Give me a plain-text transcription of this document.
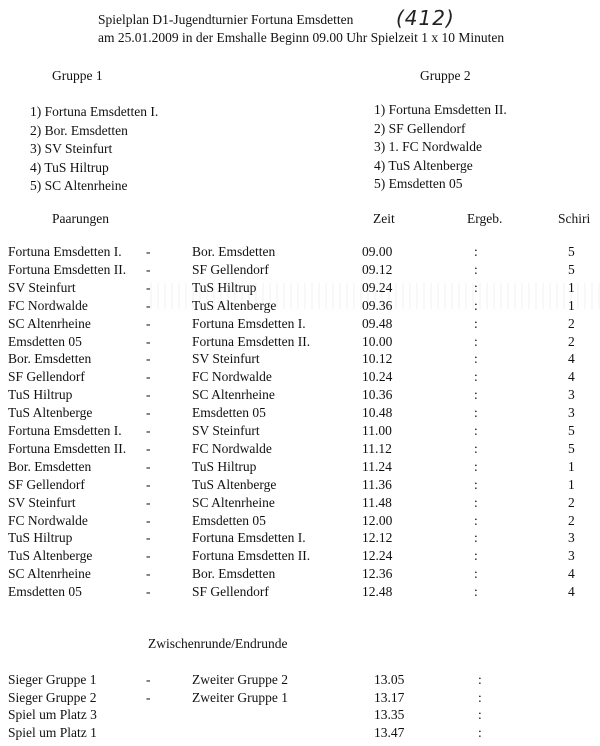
Spielplan D1-Jugendturnier Fortuna Emsdetten (412)
am 25.01.2009 in der Emshalle Beginn 09.00 Uhr Spielzeit 1 x 10 Minuten
Gruppe 1	Gruppe 2
1) Fortuna Emsdetten I.
2) Bor. Emsdetten
3) SV Steinfurt
4) TuS Hiltrup
5) SC Altenrheine
1) Fortuna Emsdetten II.
2) SF Gellendorf
3) 1. FC Nordwalde
4) TuS Altenberge
5) Emsdetten 05
Paarungen	Zeit	Ergeb.	Schiri
Fortuna Emsdetten I. -	Bor. Emsdetten	09.00	:	5
Fortuna Emsdetten II. -	SF Gellendorf	09.12	:	5
SV Steinfurt	-	TuS Hiltrup	09.24	:	1
FC Nordwalde	-	TuS Altenberge	09.36	:	1
SC Altenrheine	-	Fortuna Emsdetten I.	09.48	:	2
Emsdetten 05	-	Fortuna Emsdetten II.	10.00	:	2
Bor. Emsdetten	-	SV Steinfurt	10.12	:	4
SF Gellendorf	-	FC Nordwalde	10.24	:	4
TuS Hiltrup	-	SC Altenrheine	10.36	:	3
TuS Altenberge	-	Emsdetten 05	10.48	:	3
Fortuna Emsdetten I. -	SV Steinfurt	11.00	:	5
Fortuna Emsdetten II. -	FC Nordwalde	11.12	:	5
Bor. Emsdetten	-	TuS Hiltrup	11.24	:	1
SF Gellendorf	-	TuS Altenberge	11.36	:	1
SV Steinfurt	-	SC Altenrheine	11.48	:	2
FC Nordwalde	-	Emsdetten 05	12.00	:	2
TuS Hiltrup	-	Fortuna Emsdetten I.	12.12	:	3
TuS Altenberge	-	Fortuna Emsdetten II.	12.24	:	3
SC Altenrheine	-	Bor. Emsdetten	12.36	:	4
Emsdetten 05	-	SF Gellendorf	12.48	:	4
Zwischenrunde/Endrunde
Sieger Gruppe 1	-	Zweiter Gruppe 2	13.05	:
Sieger Gruppe 2	-	Zweiter Gruppe 1	13.17	:
Spiel um Platz 3	13.35	:
Spiel um Platz 1	13.47	:
